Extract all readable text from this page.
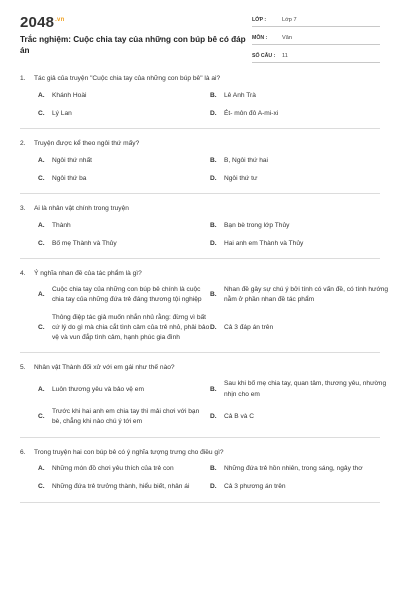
$2048^{.vn}$
Trắc nghiệm: Cuộc chia tay của những con búp bê có đáp án
LỚP :	Lớp 7
MÔN :	Văn
SỐ CÂU :	11
1.	Tác giả của truyện "Cuộc chia tay của những con búp bê" là ai?
A.	Khánh Hoài	B.	Lê Anh Trà
C.	Lý Lan	D.	Ét- môn đô A-mi-xi
2.	Truyện được kể theo ngôi thứ mấy?
A.	Ngôi thứ nhất	B.	B, Ngôi thứ hai
C.	Ngôi thứ ba	D.	Ngôi thứ tư
3.	Ai là nhân vật chính trong truyện
A.	Thành	B.	Bạn bè trong lớp Thủy
C.	Bố mẹ Thành và Thủy	D.	Hai anh em Thành và Thủy
4.	Ý nghĩa nhan đề của tác phẩm là gì?
A.
Cuộc chia tay của những con búp bê chính là cuộc chia tay của những đứa trẻ đáng thương tội nghiệp
B.
Nhan đề gây sự chú ý bởi tính có vấn đề, có tính hướng nằm ở phần nhan đề tác phẩm
C.
Thông điệp tác giả muốn nhắn nhủ rằng: đừng vì bất cứ lý do gì mà chia cắt tình cảm của trẻ nhỏ, phải bảo vệ và vun đắp tình cảm, hạnh phúc gia đình
D.	Cả 3 đáp án trên
5.	Nhân vật Thành đối xử với em gái như thế nào?
A.	Luôn thương yêu và bảo vệ em	B.
Sau khi bố mẹ chia tay, quan tâm, thương yêu, nhường nhịn cho em
C.
Trước khi hai anh em chia tay thì mải chơi với bạn bè, chẳng khi nào chú ý tới em
D.	Cả B và C
6.	Trong truyện hai con búp bê có ý nghĩa tượng trưng cho điều gì?
A.	Những món đồ chơi yêu thích của trẻ con	B.	Những đứa trẻ hồn nhiên, trong sáng, ngây thơ
C.	Những đứa trẻ trưởng thành, hiểu biết, nhân ái	D.	Cả 3 phương án trên
